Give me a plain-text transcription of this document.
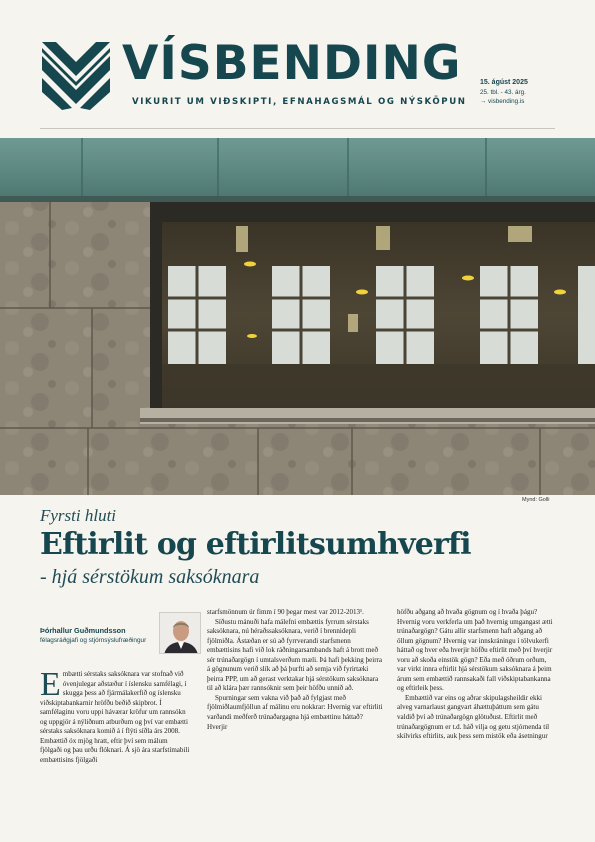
VÍSBENDING
VIKURIT UM VIÐSKIPTI, EFNAHAGSMÁL OG NÝSKÖPUN
15. ágúst 2025
25. tbl. - 43. árg.
→ visbending.is
Mynd: Golli
Fyrsti hluti
Eftirlit og eftirlitsumhverfi
- hjá sérstökum saksóknara
Þórhallur Guðmundsson
félagsráðgjafi og stjórnsýslufræðingur

Embætti sérstaks saksóknara var stofnað við óvenjulegar aðstæður í íslensku samfélagi, í skugga þess að fjármálakerfið og íslensku viðskiptabankarnir hröfðu beðið skipbrot. Í samfélaginu voru uppi háværar kröfur um rannsókn og uppgjör á nýliðnum atburðum og því var embætti sérstaks saksóknara komið á í flýti síðla árs 2008. Embættið óx mjög hratt, eftir því sem málum fjölgaði og þau urðu flóknari. Á sjö ára starfstímabili embættisins fjölgaði

starfsmönnum úr fimm í 90 þegar mest var 2012-2013¹.

Síðustu mánuði hafa málefni embættis fyrrum sérstaks saksóknara, nú héraðssaksóknara, verið í brennidepli fjölmiðla. Ástæðan er sú að fyrrverandi starfsmenn embættisins hafi við lok ráðningarsambands haft á brott með sér trúnaðargögn í umtalsverðum mæli. Þá hafi þekking þeirra á gögnunum verið slík að þá þurfti að semja við fyrirtæki þeirra PPP, um að gerast verktakar hjá sérstökum saksóknara til að klára þær rannsóknir sem þeir höfðu unnið að.

Spurningar sem vakna við það að fylgjast með fjölmiðlaumfjöllun af málinu eru nokkrar: Hvernig var eftirliti varðandi meðferð trúnaðargagna hjá embættinu háttað? Hverjir

höfðu aðgang að hvaða gögnum og í hvaða þágu? Hvernig voru verkferla um það hvernig umgangast ætti trúnaðargögn? Gátu allir starfsmenn haft aðgang að öllum gögnum? Hvernig var innskráningu í tölvukerfi háttað og hver eða hverjir höfðu eftirlit með því hverjir voru að skoða einstök gögn? Eða með öðrum orðum, var virkt innra eftirlit hjá sérstökum saksóknara á þeim árum sem embættið rannsakaði fall viðskiptabankanna og eftirleik þess.

Embættið var eins og aðrar skipulagsheildir ekki alveg varnarlaust gangvart áhættuþáttum sem gátu valdið því að trúnaðargögn glötuðust. Eftirlit með trúnaðargögnum er t.d. háð vilja og getu stjórnenda til skilvirks eftirlits, auk þess sem mistök eða ásetningur
